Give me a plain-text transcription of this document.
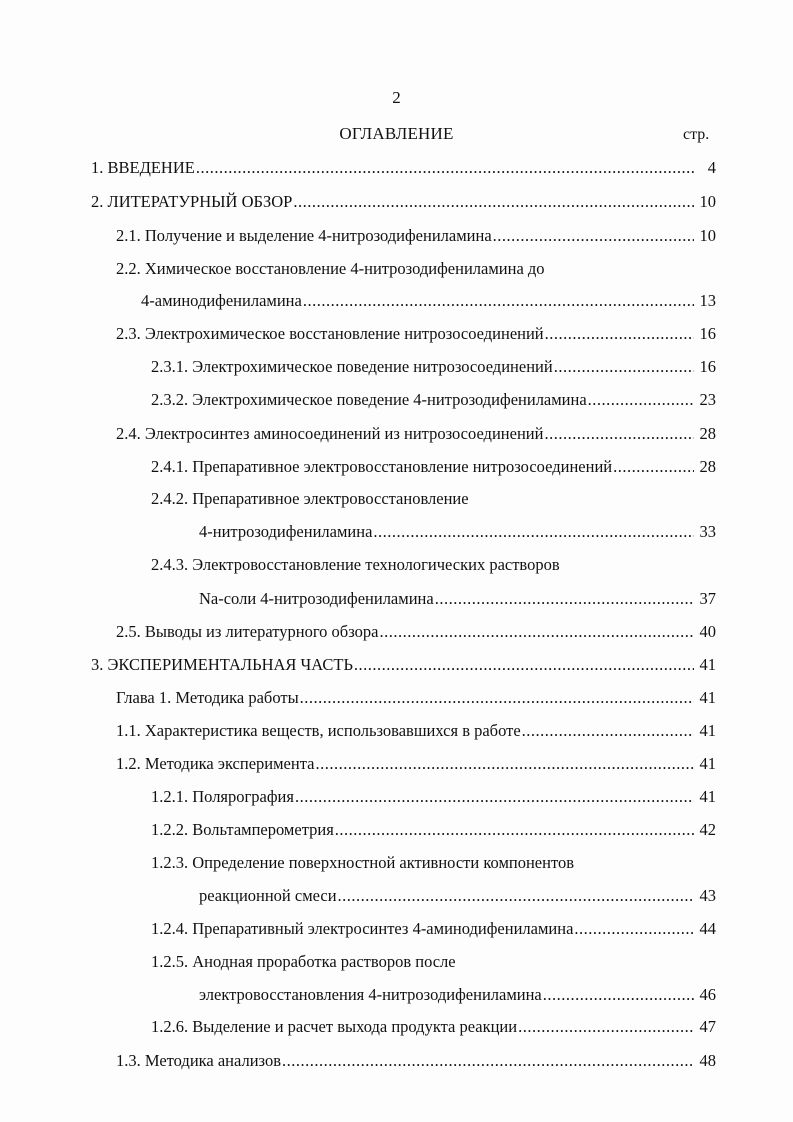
2
ОГЛАВЛЕНИЕ	стр.
1. ВВЕДЕНИЕ .....	4
2. ЛИТЕРАТУРНЫЙ ОБЗОР .....	10
2.1. Получение и выделение 4-нитрозодифениламина .....	10
2.2. Химическое восстановление 4-нитрозодифениламина до
4-аминодифениламина .....	13
2.3. Электрохимическое восстановление нитрозосоединений .....	16
2.3.1. Электрохимическое поведение нитрозосоединений .....	16
2.3.2. Электрохимическое поведение 4-нитрозодифениламина .....	23
2.4. Электросинтез аминосоединений из нитрозосоединений .....	28
2.4.1. Препаративное электровосстановление нитрозосоединений .....	28
2.4.2. Препаративное электровосстановление
4-нитрозодифениламина .....	33
2.4.3. Электровосстановление технологических растворов
Na-соли 4-нитрозодифениламина .....	37
2.5. Выводы из литературного обзора .....	40
3. ЭКСПЕРИМЕНТАЛЬНАЯ ЧАСТЬ .....	41
Глава 1. Методика работы .....	41
1.1. Характеристика веществ, использовавшихся в работе .....	41
1.2. Методика эксперимента .....	41
1.2.1. Полярография .....	41
1.2.2. Вольтамперометрия .....	42
1.2.3. Определение поверхностной активности компонентов
реакционной смеси .....	43
1.2.4. Препаративный электросинтез 4-аминодифениламина .....	44
1.2.5. Анодная проработка растворов после
электровосстановления 4-нитрозодифениламина .....	46
1.2.6. Выделение и расчет выхода продукта реакции .....	47
1.3. Методика анализов .....	48
